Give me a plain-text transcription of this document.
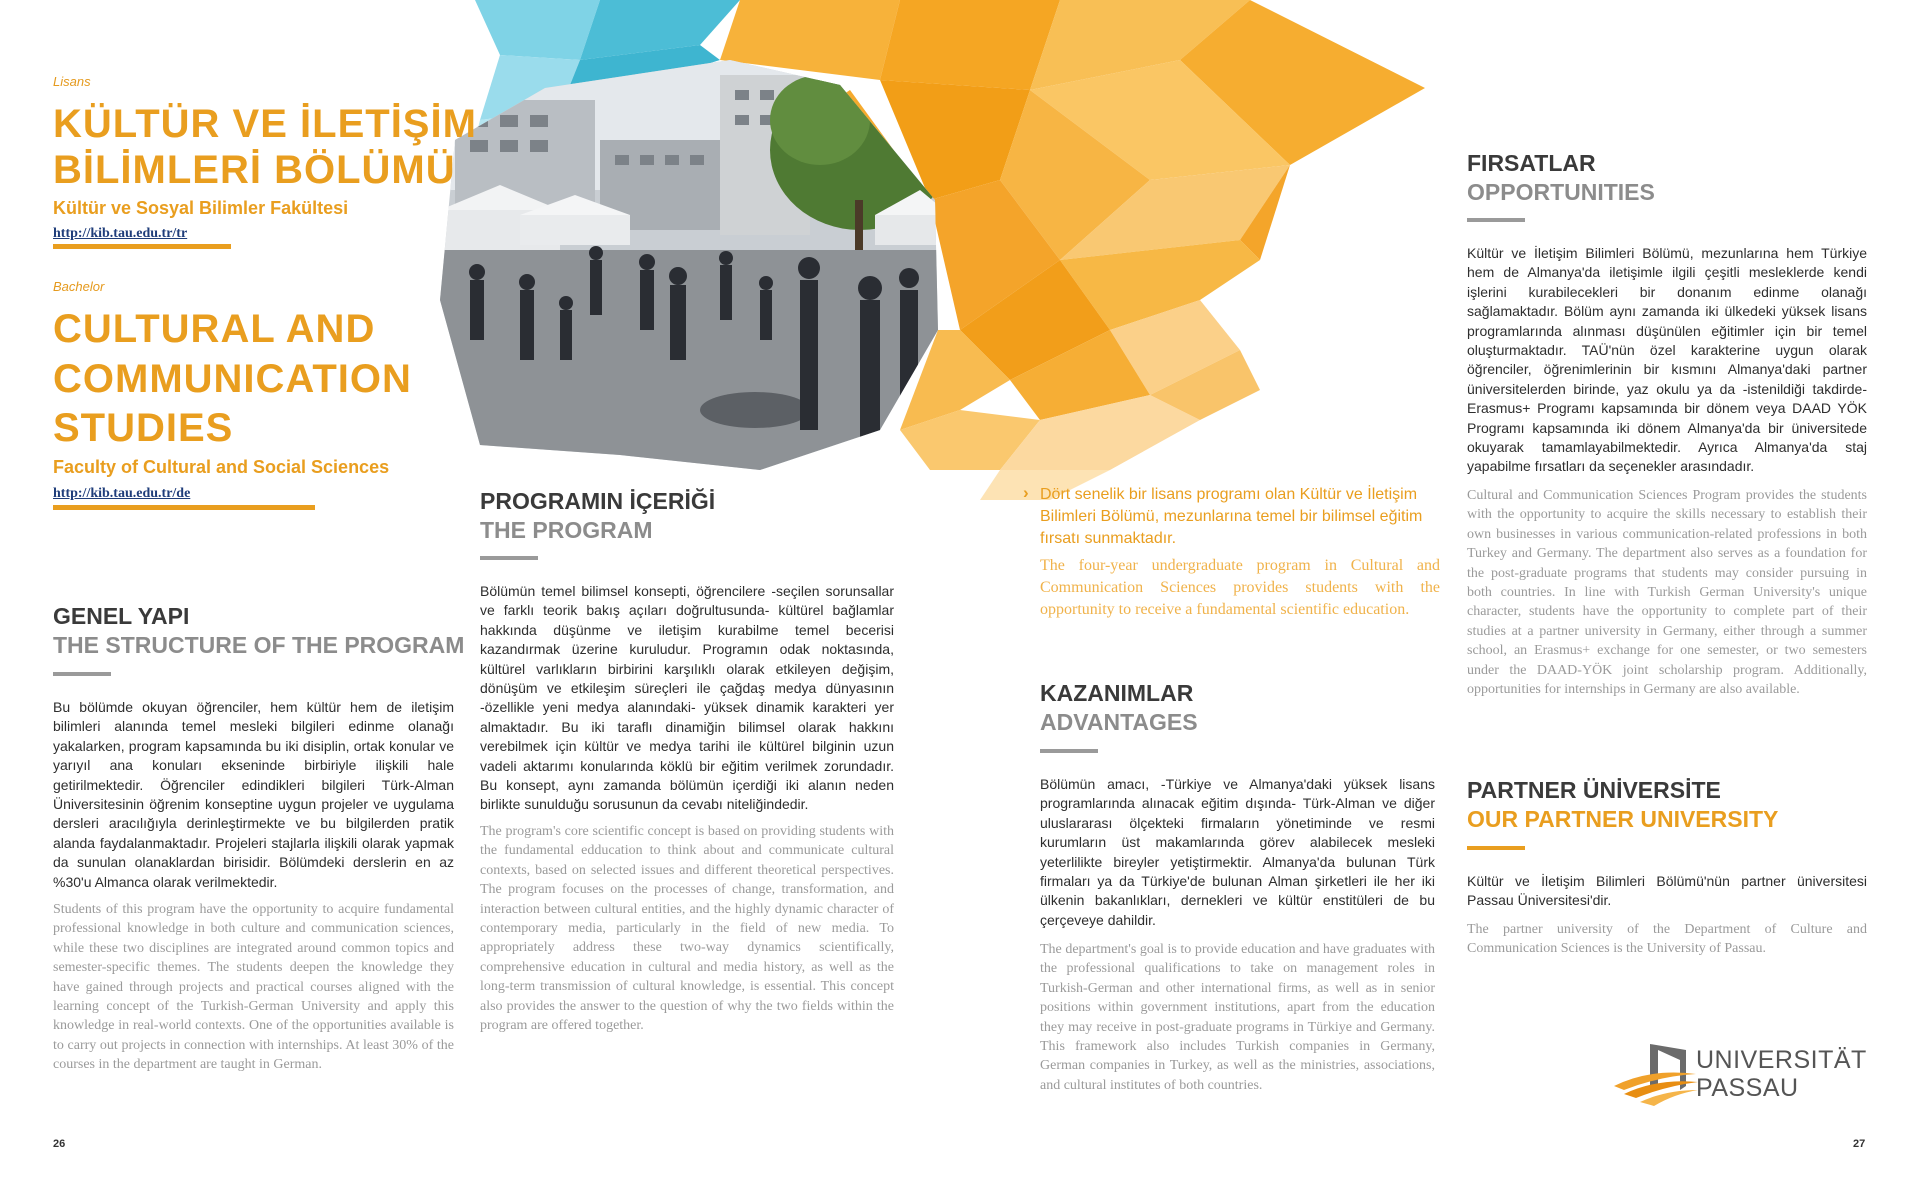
Lisans
KÜLTÜR VE İLETİŞİM
BİLİMLERİ BÖLÜMÜ
Kültür ve Sosyal Bilimler Fakültesi
http://kib.tau.edu.tr/tr
Bachelor
CULTURAL AND
COMMUNICATION
STUDIES
Faculty of Cultural and Social Sciences
http://kib.tau.edu.tr/de
GENEL YAPI
THE STRUCTURE OF THE PROGRAM
Bu bölümde okuyan öğrenciler, hem kültür hem de iletişim bilimleri alanında temel mesleki bilgileri edinme olanağı yakalarken, program kapsamında bu iki disiplin, ortak konular ve yarıyıl ana konuları ekseninde birbiriyle ilişkili hale getirilmektedir. Öğrenciler edindikleri bilgileri Türk-Alman Üniversitesinin öğrenim konseptine uygun projeler ve uygulama dersleri aracılığıyla derinleştirmekte ve bu bilgilerden pratik alanda faydalanmaktadır. Projeleri stajlarla ilişkili olarak yapmak da sunulan olanaklardan birisidir. Bölümdeki derslerin en az %30'u Almanca olarak verilmektedir.
Students of this program have the opportunity to acquire fundamental professional knowledge in both culture and communication sciences, while these two disciplines are integrated around common topics and semester-specific themes. The students deepen the knowledge they have gained through projects and practical courses aligned with the learning concept of the Turkish-German University and apply this knowledge in real-world contexts. One of the opportunities available is to carry out projects in connection with internships. At least 30% of the courses in the department are taught in German.
PROGRAMIN İÇERİĞİ
THE PROGRAM
Bölümün temel bilimsel konsepti, öğrencilere -seçilen sorunsallar ve farklı teorik bakış açıları doğrultusunda- kültürel bağlamlar hakkında düşünme ve iletişim kurabilme temel becerisi kazandırmak üzerine kuruludur. Programın odak noktasında, kültürel varlıkların birbirini karşılıklı olarak etkileyen değişim, dönüşüm ve etkileşim süreçleri ile çağdaş medya dünyasının -özellikle yeni medya alanındaki- yüksek dinamik karakteri yer almaktadır. Bu iki taraflı dinamiğin bilimsel olarak hakkını verebilmek için kültür ve medya tarihi ile kültürel bilginin uzun vadeli aktarımı konularında köklü bir eğitim verilmek zorundadır. Bu konsept, aynı zamanda bölümün içerdiği iki alanın neden birlikte sunulduğu sorusunun da cevabı niteliğindedir.
The program's core scientific concept is based on providing students with the fundamental edducation to think about and communicate cultural contexts, based on selected issues and different theoretical perspectives. The program focuses on the processes of change, transformation, and interaction between cultural entities, and the highly dynamic character of contemporary media, particularly in the field of new media. To appropriately address these two-way dynamics scientifically, comprehensive education in cultural and media history, as well as the long-term transmission of cultural knowledge, is essential. This concept also provides the answer to the question of why the two fields within the program are offered together.
› Dört senelik bir lisans programı olan Kültür ve İletişim Bilimleri Bölümü, mezunlarına temel bir bilimsel eğitim fırsatı sunmaktadır.
The four-year undergraduate program in Cultural and Communication Sciences provides students with the opportunity to receive a fundamental scientific education.
KAZANIMLAR
ADVANTAGES
Bölümün amacı, -Türkiye ve Almanya'daki yüksek lisans programlarında alınacak eğitim dışında- Türk-Alman ve diğer uluslararası ölçekteki firmaların yönetiminde ve resmi kurumların üst makamlarında görev alabilecek mesleki yeterlilikte bireyler yetiştirmektir. Almanya'da bulunan Türk firmaları ya da Türkiye'de bulunan Alman şirketleri ile her iki ülkenin bakanlıkları, dernekleri ve kültür enstitüleri de bu çerçeveye dahildir.
The department's goal is to provide education and have graduates with the professional qualifications to take on management roles in Turkish-German and other international firms, as well as in senior positions within government institutions, apart from the education they may receive in post-graduate programs in Türkiye and Germany. This framework also includes Turkish companies in Germany, German companies in Turkey, as well as the ministries, associations, and cultural institutes of both countries.
FIRSATLAR
OPPORTUNITIES
Kültür ve İletişim Bilimleri Bölümü, mezunlarına hem Türkiye hem de Almanya'da iletişimle ilgili çeşitli mesleklerde kendi işlerini kurabilecekleri bir donanım edinme olanağı sağlamaktadır. Bölüm aynı zamanda iki ülkedeki yüksek lisans programlarında alınması düşünülen eğitimler için bir temel oluşturmaktadır. TAÜ'nün özel karakterine uygun olarak öğrenciler, öğrenimlerinin bir kısmını Almanya'daki partner üniversitelerden birinde, yaz okulu ya da -istenildiği takdirde- Erasmus+ Programı kapsamında bir dönem veya DAAD YÖK Programı kapsamında iki dönem Almanya'da bir üniversitede okuyarak tamamlayabilmektedir. Ayrıca Almanya'da staj yapabilme fırsatları da seçenekler arasındadır.
Cultural and Communication Sciences Program provides the students with the opportunity to acquire the skills necessary to establish their own businesses in various communication-related professions in both Turkey and Germany. The department also serves as a foundation for the post-graduate programs that students may consider pursuing in both countries. In line with Turkish German University's unique character, students have the opportunity to complete part of their studies at a partner university in Germany, either through a summer school, an Erasmus+ exchange for one semester, or two semesters under the DAAD-YÖK joint scholarship program. Additionally, opportunities for internships in Germany are also available.
PARTNER ÜNİVERSİTE
OUR PARTNER UNIVERSITY
Kültür ve İletişim Bilimleri Bölümü'nün partner üniversitesi Passau Üniversitesi'dir.
The partner university of the Department of Culture and Communication Sciences is the University of Passau.
UNIVERSITÄT
PASSAU
26	27
